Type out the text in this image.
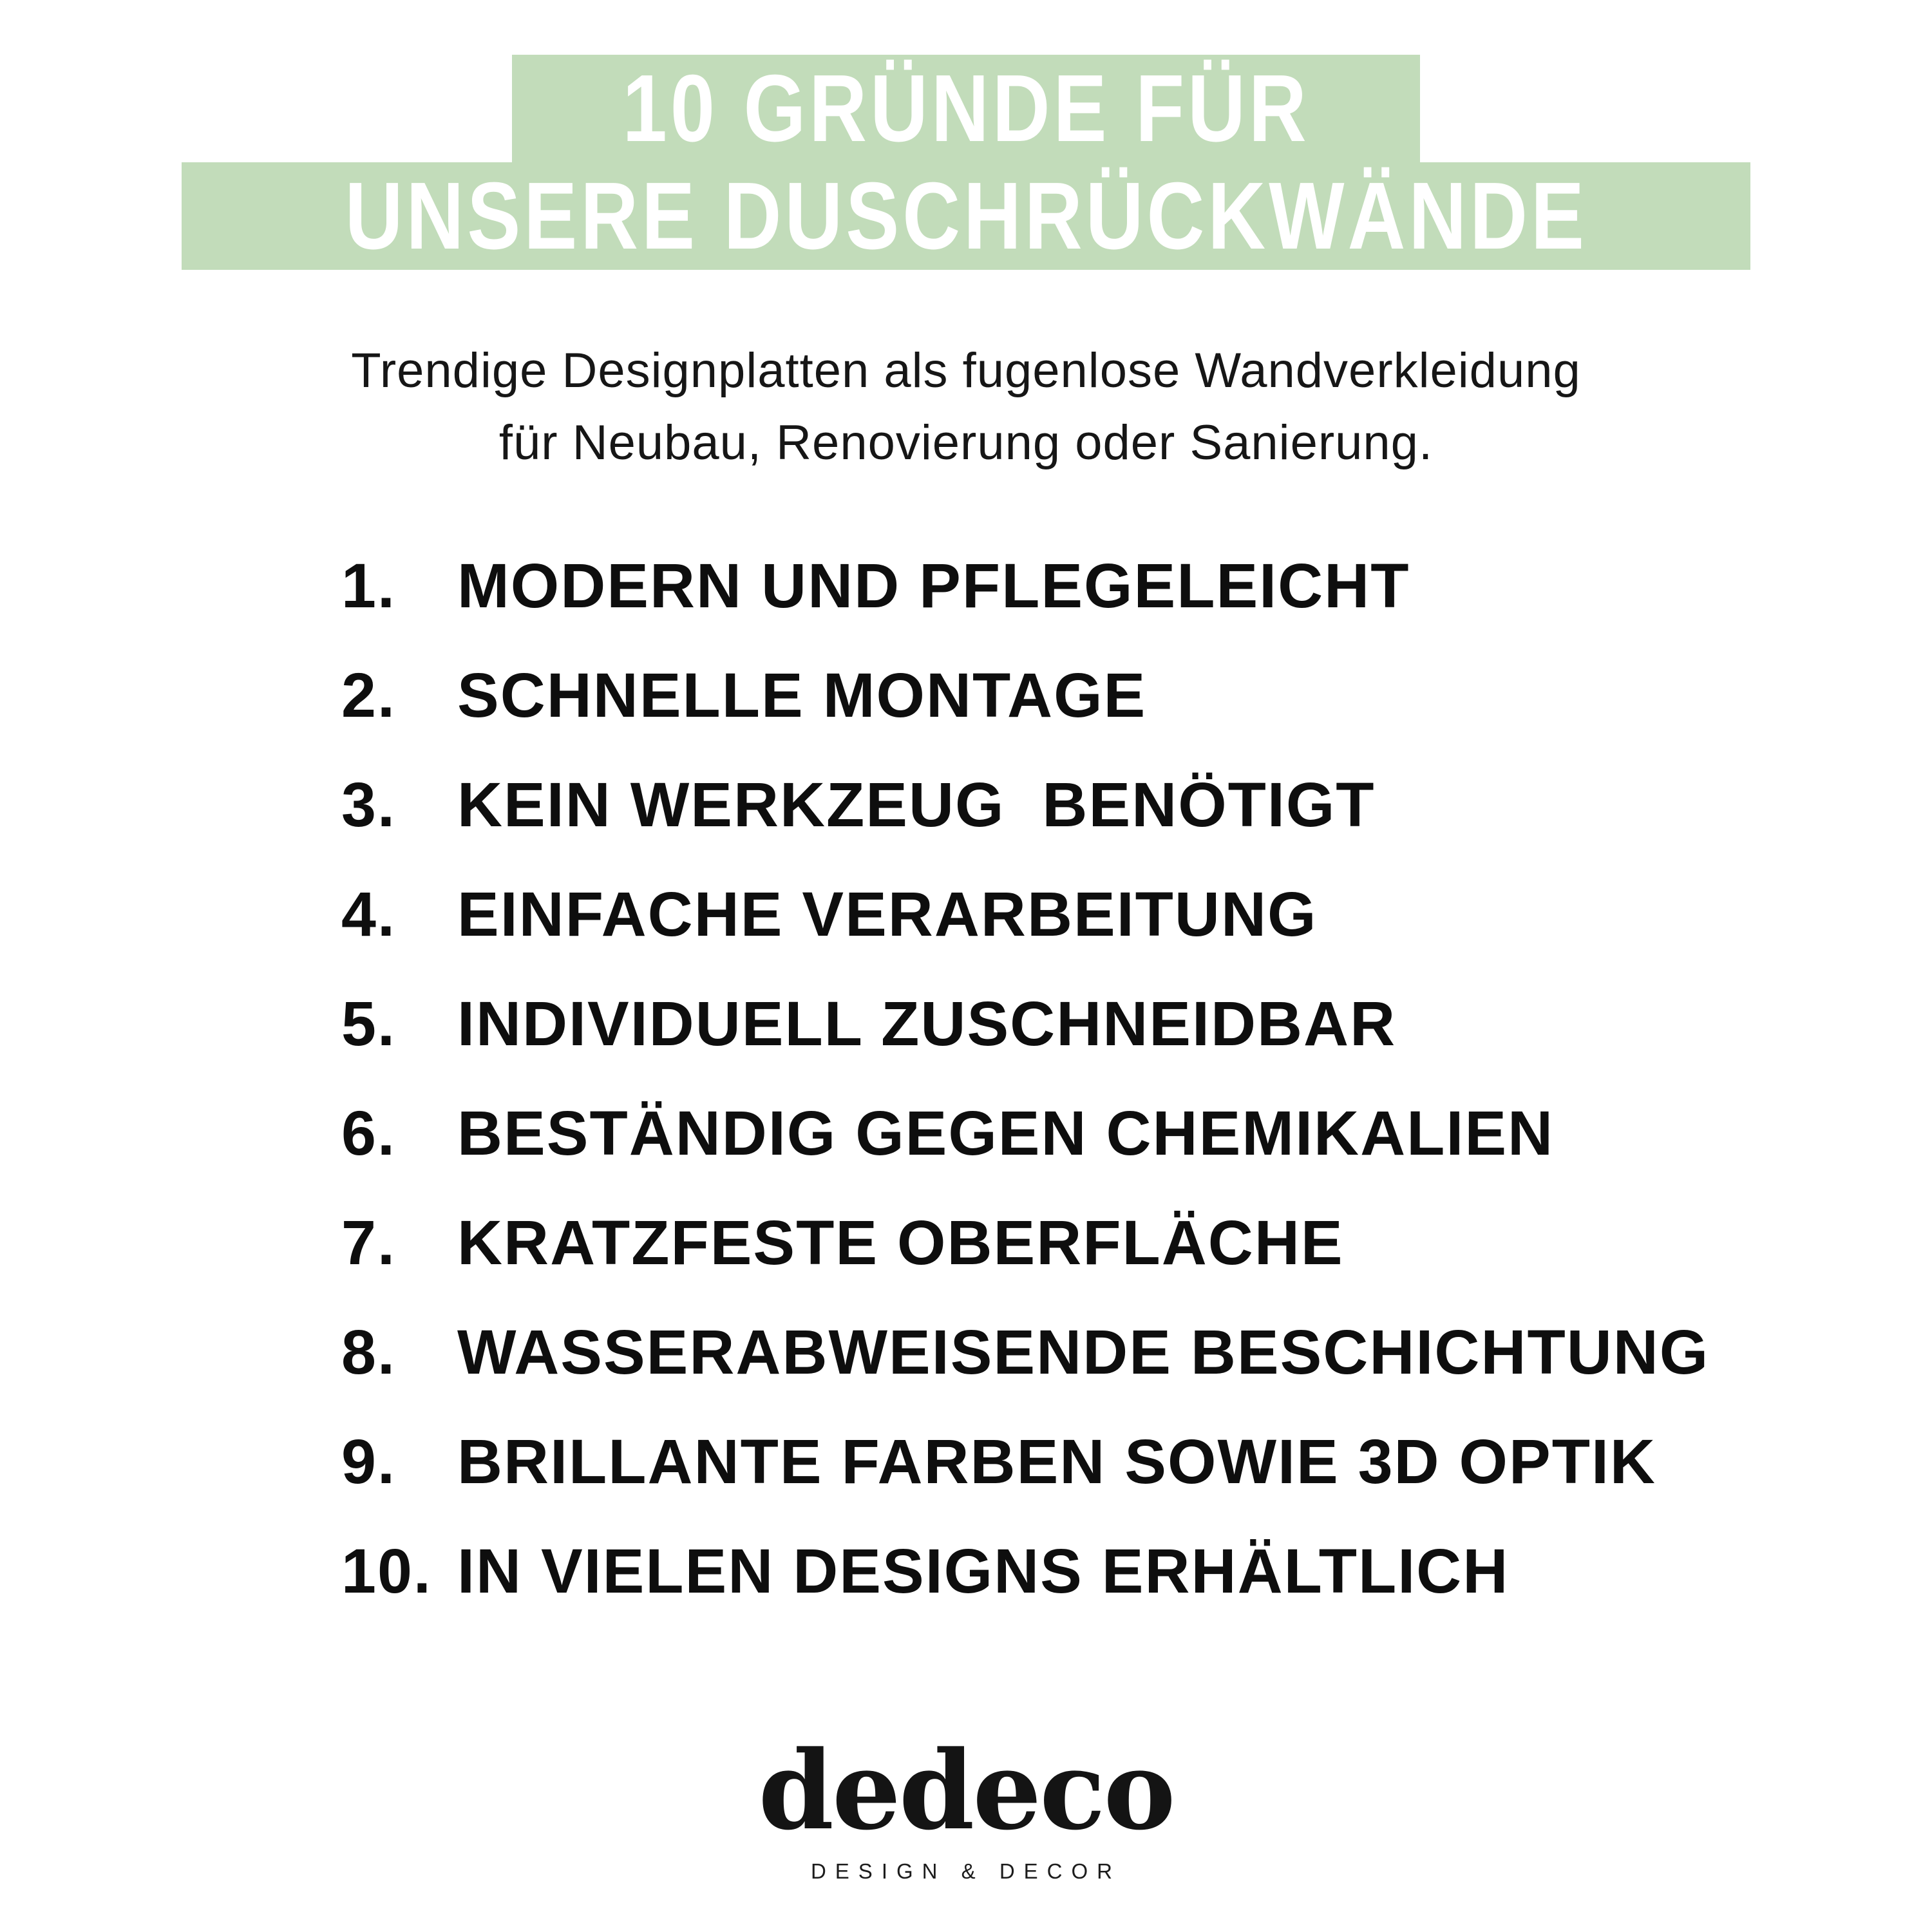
10 GRÜNDE FÜR
UNSERE DUSCHRÜCKWÄNDE
Trendige Designplatten als fugenlose Wandverkleidung
für Neubau, Renovierung oder Sanierung.
1. MODERN UND PFLEGELEICHT
2. SCHNELLE MONTAGE
3. KEIN WERKZEUG  BENÖTIGT
4. EINFACHE VERARBEITUNG
5. INDIVIDUELL ZUSCHNEIDBAR
6. BESTÄNDIG GEGEN CHEMIKALIEN
7. KRATZFESTE OBERFLÄCHE
8. WASSERABWEISENDE BESCHICHTUNG
9. BRILLANTE FARBEN SOWIE 3D OPTIK
10. IN VIELEN DESIGNS ERHÄLTLICH
dedeco
DESIGN & DECOR
